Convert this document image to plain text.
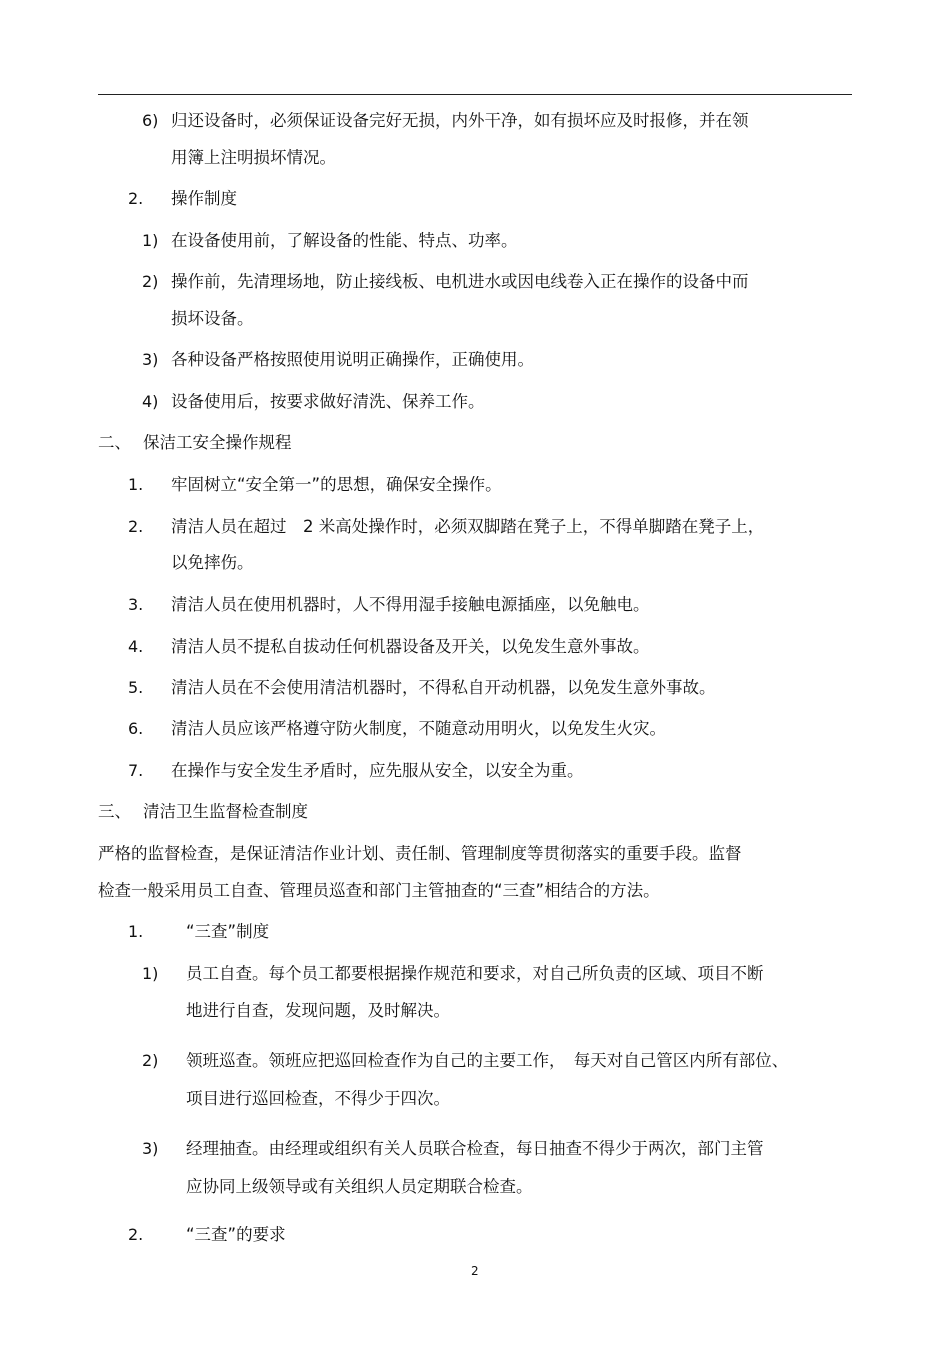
6) 归还设备时，必须保证设备完好无损，内外干净，如有损坏应及时报修，并在领
用簿上注明损坏情况。
2. 操作制度
1) 在设备使用前，了解设备的性能、特点、功率。
2) 操作前，先清理场地，防止接线板、电机进水或因电线卷入正在操作的设备中而
损坏设备。
3) 各种设备严格按照使用说明正确操作，正确使用。
4) 设备使用后，按要求做好清洗、保养工作。
二、 保洁工安全操作规程
1. 牢固树立“安全第一”的思想，确保安全操作。
2. 清洁人员在超过　2 米高处操作时，必须双脚踏在凳子上，不得单脚踏在凳子上，
以免摔伤。
3. 清洁人员在使用机器时，人不得用湿手接触电源插座，以免触电。
4. 清洁人员不提私自拔动任何机器设备及开关，以免发生意外事故。
5. 清洁人员在不会使用清洁机器时，不得私自开动机器，以免发生意外事故。
6. 清洁人员应该严格遵守防火制度，不随意动用明火，以免发生火灾。
7. 在操作与安全发生矛盾时，应先服从安全，以安全为重。
三、 清洁卫生监督检查制度
严格的监督检查，是保证清洁作业计划、责任制、管理制度等贯彻落实的重要手段。监督
检查一般采用员工自查、管理员巡查和部门主管抽查的“三查”相结合的方法。
1.	“三查”制度
1) 员工自查。每个员工都要根据操作规范和要求，对自己所负责的区域、项目不断
地进行自查，发现问题，及时解决。
2) 领班巡查。领班应把巡回检查作为自己的主要工作，　每天对自己管区内所有部位、
项目进行巡回检查，不得少于四次。
3) 经理抽查。由经理或组织有关人员联合检查，每日抽查不得少于两次，部门主管
应协同上级领导或有关组织人员定期联合检查。
2.	“三查”的要求
2
